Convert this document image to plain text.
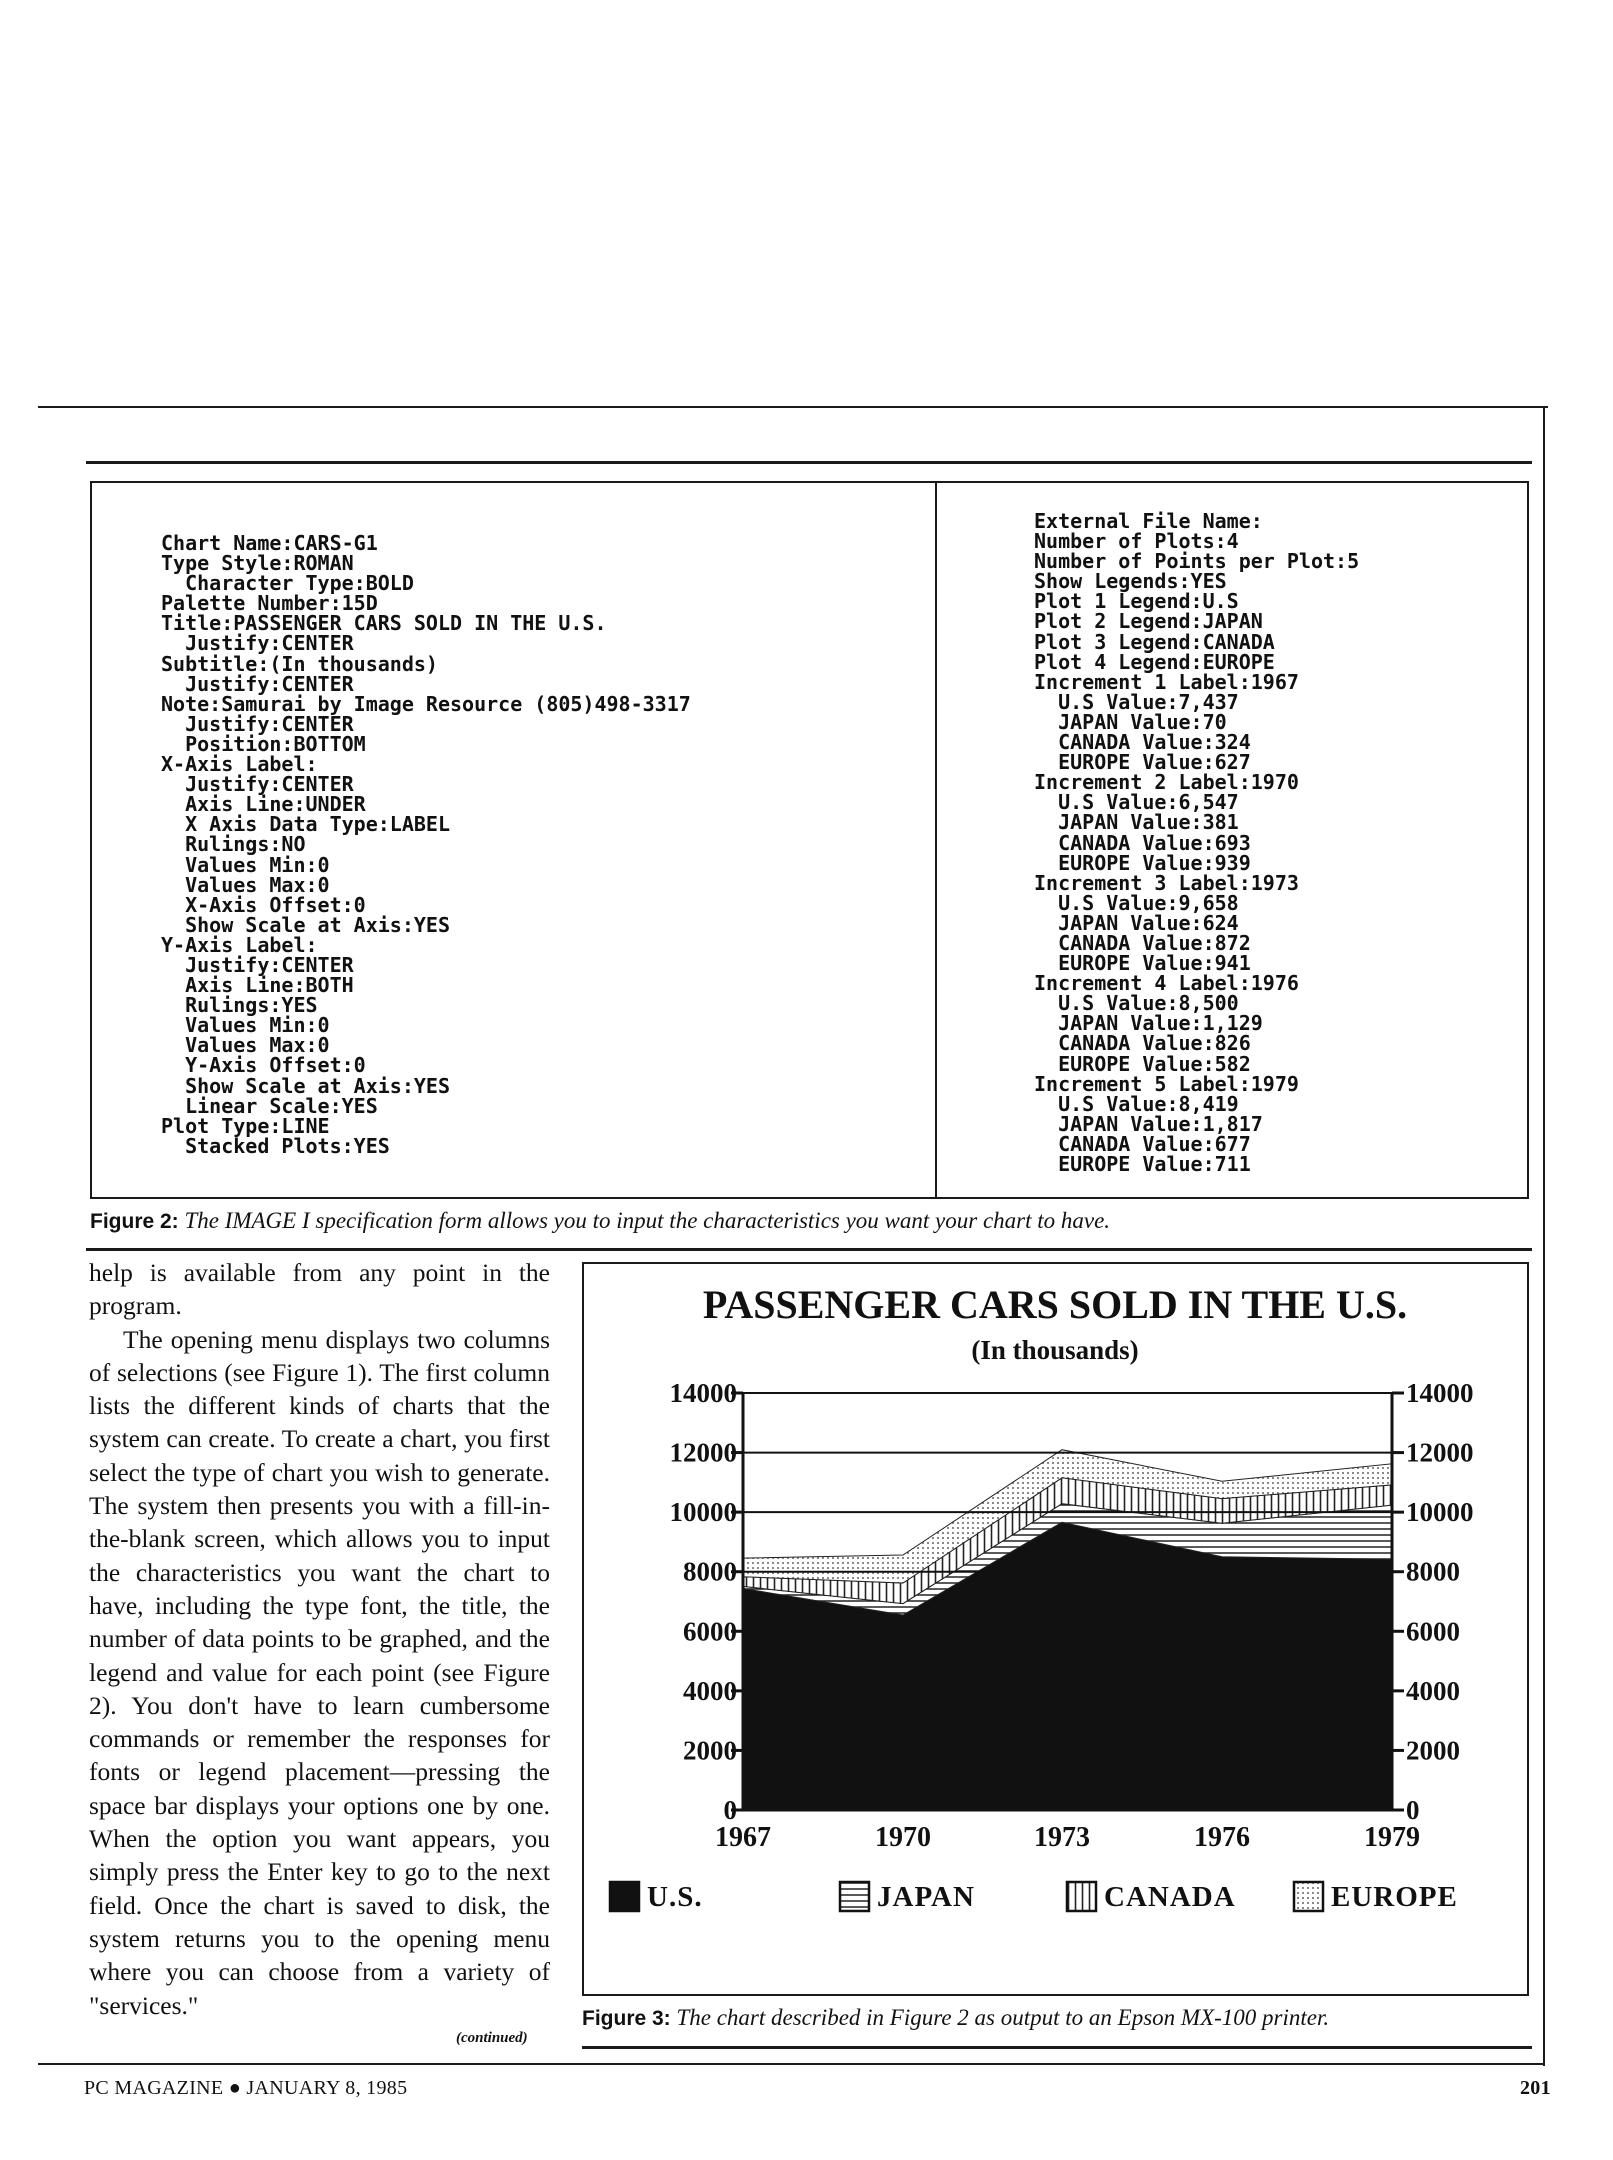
Chart Name:CARS-G1
Type Style:ROMAN
Character Type:BOLD
Palette Number:15D
Title:PASSENGER CARS SOLD IN THE U.S.
Justify:CENTER
Subtitle:(In thousands)
Justify:CENTER
Note:Samurai by Image Resource (805)498-3317
Justify:CENTER
Position:BOTTOM
X-Axis Label:
Justify:CENTER
Axis Line:UNDER
X Axis Data Type:LABEL
Rulings:NO
Values Min:0
Values Max:0
X-Axis Offset:0
Show Scale at Axis:YES
Y-Axis Label:
Justify:CENTER
Axis Line:BOTH
Rulings:YES
Values Min:0
Values Max:0
Y-Axis Offset:0
Show Scale at Axis:YES
Linear Scale:YES
Plot Type:LINE
Stacked Plots:YES
External File Name:
Number of Plots:4
Number of Points per Plot:5
Show Legends:YES
Plot 1 Legend:U.S
Plot 2 Legend:JAPAN
Plot 3 Legend:CANADA
Plot 4 Legend:EUROPE
Increment 1 Label:1967
U.S Value:7,437
JAPAN Value:70
CANADA Value:324
EUROPE Value:627
Increment 2 Label:1970
U.S Value:6,547
JAPAN Value:381
CANADA Value:693
EUROPE Value:939
Increment 3 Label:1973
U.S Value:9,658
JAPAN Value:624
CANADA Value:872
EUROPE Value:941
Increment 4 Label:1976
U.S Value:8,500
JAPAN Value:1,129
CANADA Value:826
EUROPE Value:582
Increment 5 Label:1979
U.S Value:8,419
JAPAN Value:1,817
CANADA Value:677
EUROPE Value:711
Figure 2: The IMAGE I specification form allows you to input the characteristics you want your chart to have.

help is available from any point in the program.

The opening menu displays two columns of selections (see Figure 1). The first column lists the different kinds of charts that the system can create. To create a chart, you first select the type of chart you wish to generate. The system then presents you with a fill-in-the-blank screen, which allows you to input the characteristics you want the chart to have, including the type font, the title, the number of data points to be graphed, and the legend and value for each point (see Figure 2). You don't have to learn cumbersome commands or remember the responses for fonts or legend placement—pressing the space bar displays your options one by one. When the option you want appears, you simply press the Enter key to go to the next field. Once the chart is saved to disk, the system returns you to the opening menu where you can choose from a variety of "services."

(continued)
PASSENGER CARS SOLD IN THE U.S.
(In thousands)
14000	14000
12000	12000
10000	10000
8000	8000
6000	6000
4000	4000
2000	2000
0	0
1967	1970	1973	1976	1979
U.S.	JAPAN	CANADA	EUROPE
Figure 3: The chart described in Figure 2 as output to an Epson MX-100 printer.
PC MAGAZINE ● JANUARY 8, 1985	201
